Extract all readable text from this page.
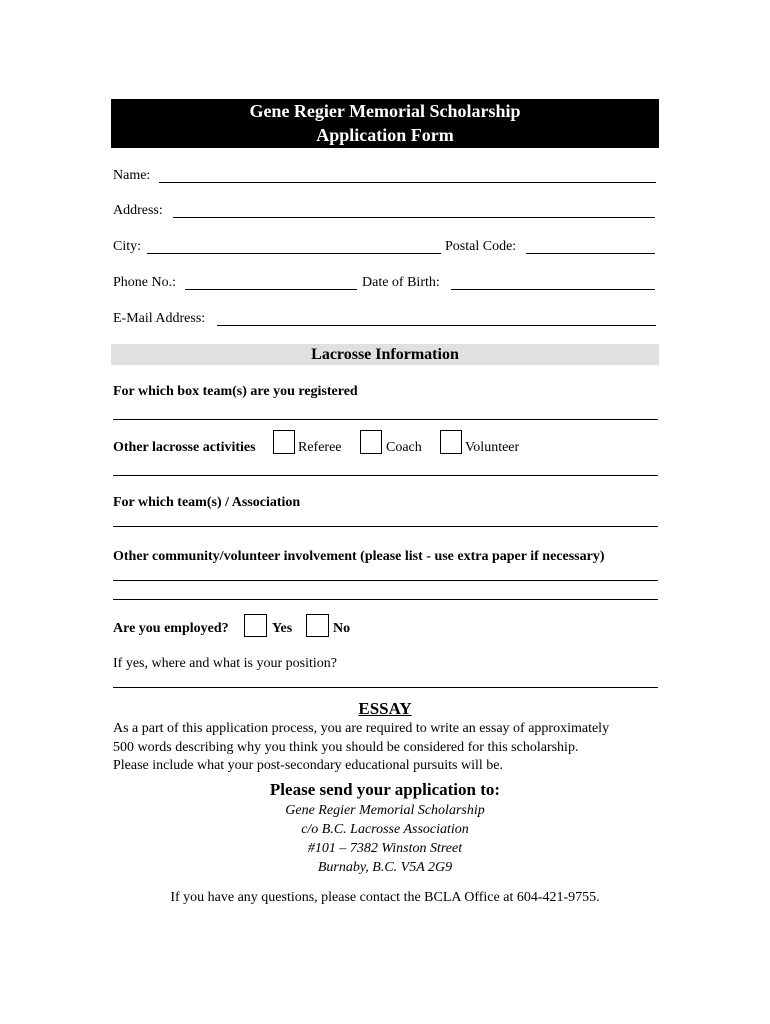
Gene Regier Memorial Scholarship
Application Form
Name:
Address:
City:	Postal Code:
Phone No.:	Date of Birth:
E-Mail Address:
Lacrosse Information
For which box team(s) are you registered
Other lacrosse activities	Referee	Coach	Volunteer
For which team(s) / Association
Other community/volunteer involvement (please list - use extra paper if necessary)
Are you employed?	Yes	No
If yes, where and what is your position?
ESSAY
As a part of this application process, you are required to write an essay of approximately
500 words describing why you think you should be considered for this scholarship.
Please include what your post-secondary educational pursuits will be.
Please send your application to:
Gene Regier Memorial Scholarship
c/o B.C. Lacrosse Association
#101 – 7382 Winston Street
Burnaby, B.C. V5A 2G9
If you have any questions, please contact the BCLA Office at 604-421-9755.
